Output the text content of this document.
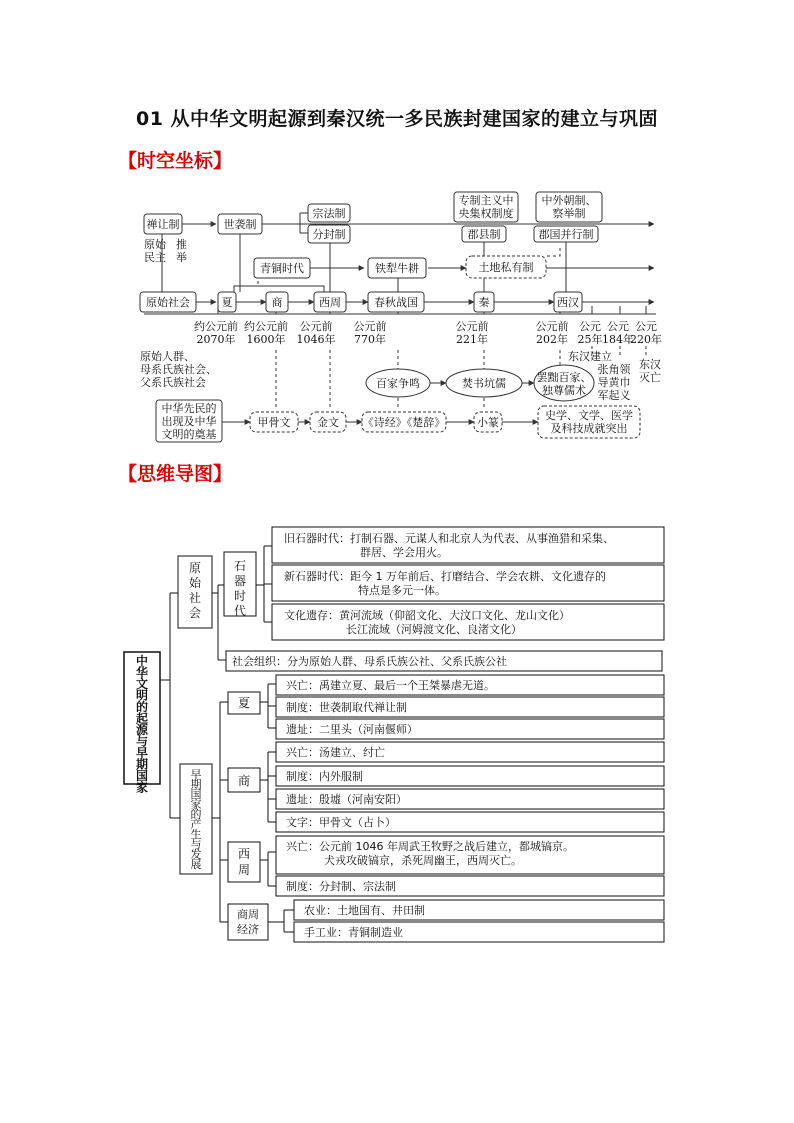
01 从中华文明起源到秦汉统一多民族封建国家的建立与巩固
【时空坐标】
【思维导图】
禅让制	世袭制
宗法制
分封制
专制主义中
央集权制度
郡县制
中外朝制、
察举制
郡国并行制
原始
民主
推
举
青铜时代	铁犁牛耕	土地私有制
原始社会	夏	商	西周	春秋战国	秦	西汉
约公元前
2070年
约公元前
1600年
公元前
1046年
公元前
770年
公元前
221年
公元前
202年
公元
25年
公元
184年
公元
220年
原始人群、
母系氏族社会、
父系氏族社会
东汉建立
张角领
导黄巾
军起义
东汉
灭亡
百家争鸣	焚书坑儒	罢黜百家、
独尊儒术
中华先民的
出现及中华
文明的奠基
甲骨文 金文 《诗经》《楚辞》	小篆
史学、文学、医学
及科技成就突出
中华文明的起源与早期国家
原始社会
石器时代
早期国家的产生与发展
旧石器时代：打制石器、元谋人和北京人为代表、从事渔猎和采集、
群居、学会用火。
新石器时代：距今 1 万年前后、打磨结合、学会农耕、文化遗存的
特点是多元一体。
文化遗存：黄河流域（仰韶文化、大汶口文化、龙山文化）
长江流域（河姆渡文化、良渚文化）
社会组织：分为原始人群、母系氏族公社、父系氏族公社
夏
兴亡：禹建立夏、最后一个王桀暴虐无道。
制度：世袭制取代禅让制
遗址：二里头（河南偃师）
商
兴亡：汤建立、纣亡
制度：内外服制
遗址：殷墟（河南安阳）
文字：甲骨文（占卜）
西周
兴亡：公元前 1046 年周武王牧野之战后建立，都城镐京。
犬戎攻破镐京，杀死周幽王，西周灭亡。
制度：分封制、宗法制
商周
经济
农业：土地国有、井田制
手工业：青铜制造业
